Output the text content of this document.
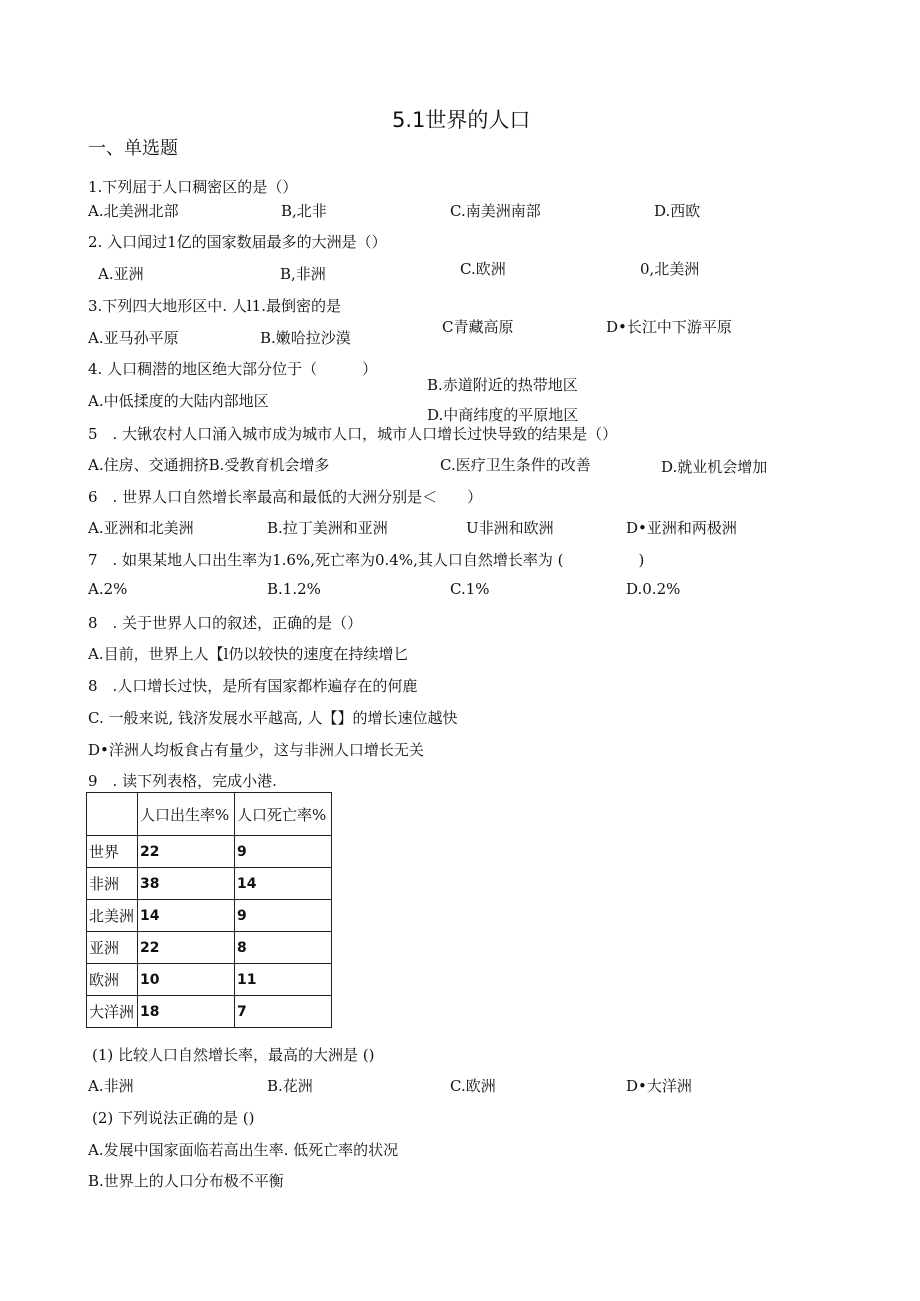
5.1世界的人口
一、单选题
1.下列屈于人口稠密区的是（）
A.北美洲北部	B,北非	C.南美洲南部	D.西欧
2. 入口闻过1亿的国家数届最多的大洲是（）
A.亚洲	B,非洲	C.欧洲	0,北美洲
3.下列四大地形区中. 人l1.最倒密的是
A.亚马孙平原	B.嫩哈拉沙漠
C青藏高原	D•长江中下游平原
4. 人口稠潜的地区绝大部分位于（　　　）
A.中低揉度的大陆内部地区
B.赤道附近的热带地区
D.中商纬度的平原地区
5　. 大锹农村人口涌入城市成为城市人口，城市人口增长过快导致的结果是（）
A.住房、交通拥挤B.受教育机会增多	C.医疗卫生条件的改善	D.就业机会增加
6　. 世界人口自然增长率最高和最低的大洲分别是＜　　）
A.亚洲和北美洲	B.拉丁美洲和亚洲	U非洲和欧洲	D•亚洲和两极洲
7　. 如果某地人口出生率为1.6%,死亡率为0.4%,其人口自然增长率为 (　　　　　)
A.2%	B.1.2%	C.1%	D.0.2%
8　. 关于世界人口的叙述，正确的是（）
A.目前，世界上人【l仍以较快的速度在持续增匕
8　.人口增长过快，是所有国家都柞遍存在的何鹿
C. 一般来说, 钱济发展水平越高, 人【】的增长速位越快
D•洋洲人均板食占有量少，这与非洲人口增长无关
9　. 读下列表格，完成小港.
	人口出生率%	人口死亡率%
世界	22	9
非洲	38	14
北美洲	14	9
亚洲	22	8
欧洲	10	11
大洋洲	18	7
(1) 比较人口自然增长率，最高的大洲是 ()
A.非洲	B.花洲	C.欧洲	D•大洋洲
(2) 下列说法正确的是 ()
A.发展中国家面临若高出生率. 低死亡率的状况
B.世界上的人口分布极不平衡
